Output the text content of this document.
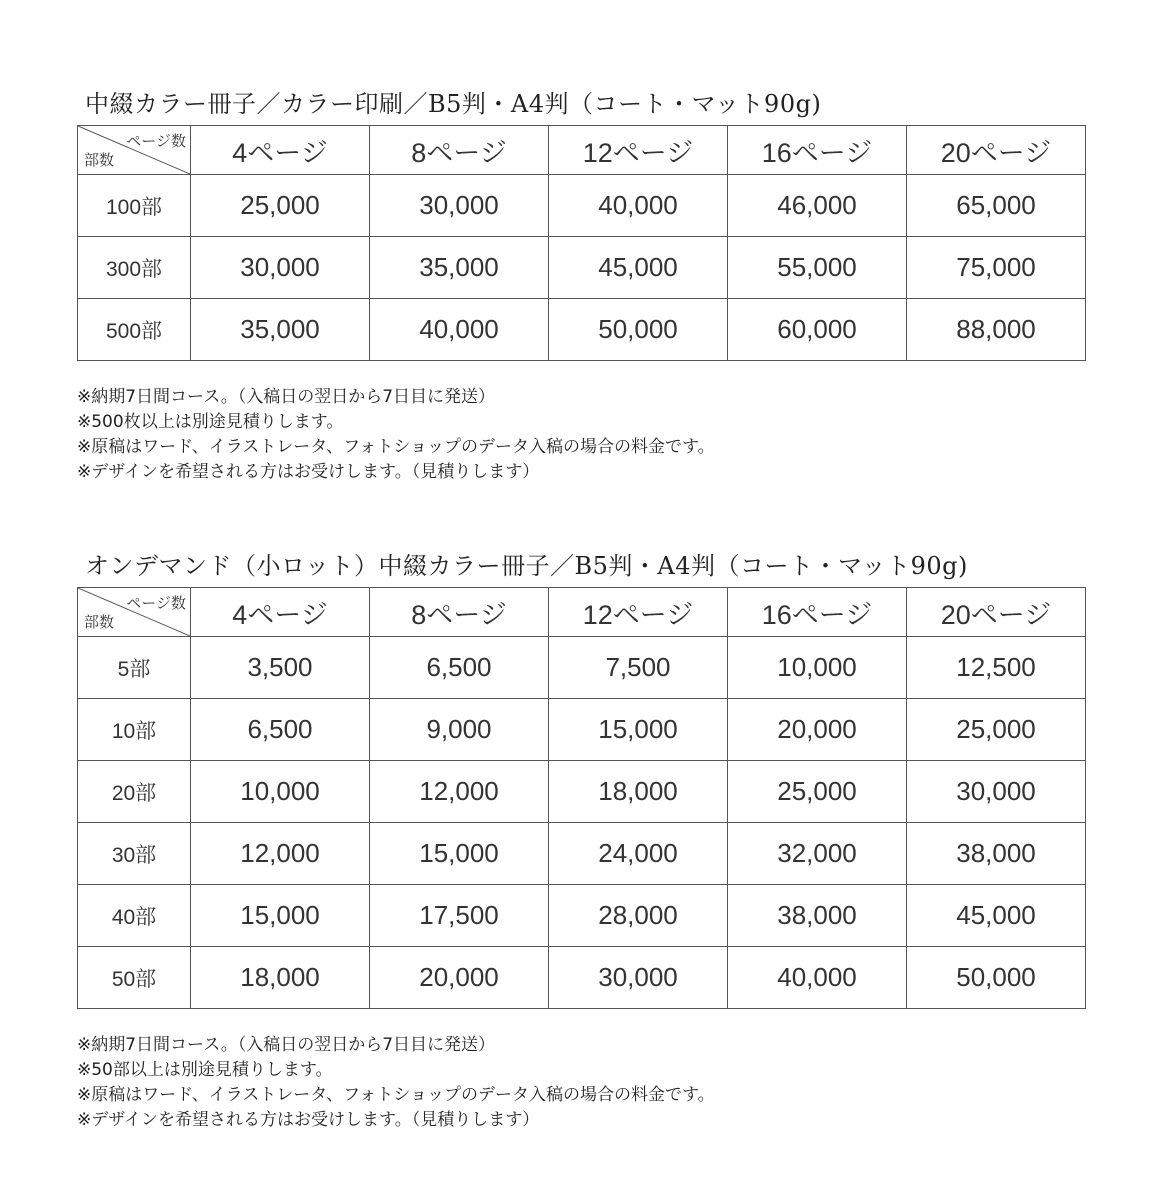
中綴カラー冊子／カラー印刷／B5判・A4判（コート・マット90g)
ページ数
部数	4ページ	8ページ	12ページ	16ページ	20ページ
100部	25,000	30,000	40,000	46,000	65,000
300部	30,000	35,000	45,000	55,000	75,000
500部	35,000	40,000	50,000	60,000	88,000
※納期7日間コース。（入稿日の翌日から7日目に発送）
※500枚以上は別途見積りします。
※原稿はワード、イラストレータ、フォトショップのデータ入稿の場合の料金です。
※デザインを希望される方はお受けします。（見積りします）
オンデマンド（小ロット）中綴カラー冊子／B5判・A4判（コート・マット90g)
ページ数
部数	4ページ	8ページ	12ページ	16ページ	20ページ
5部	3,500	6,500	7,500	10,000	12,500
10部	6,500	9,000	15,000	20,000	25,000
20部	10,000	12,000	18,000	25,000	30,000
30部	12,000	15,000	24,000	32,000	38,000
40部	15,000	17,500	28,000	38,000	45,000
50部	18,000	20,000	30,000	40,000	50,000
※納期7日間コース。（入稿日の翌日から7日目に発送）
※50部以上は別途見積りします。
※原稿はワード、イラストレータ、フォトショップのデータ入稿の場合の料金です。
※デザインを希望される方はお受けします。（見積りします）
